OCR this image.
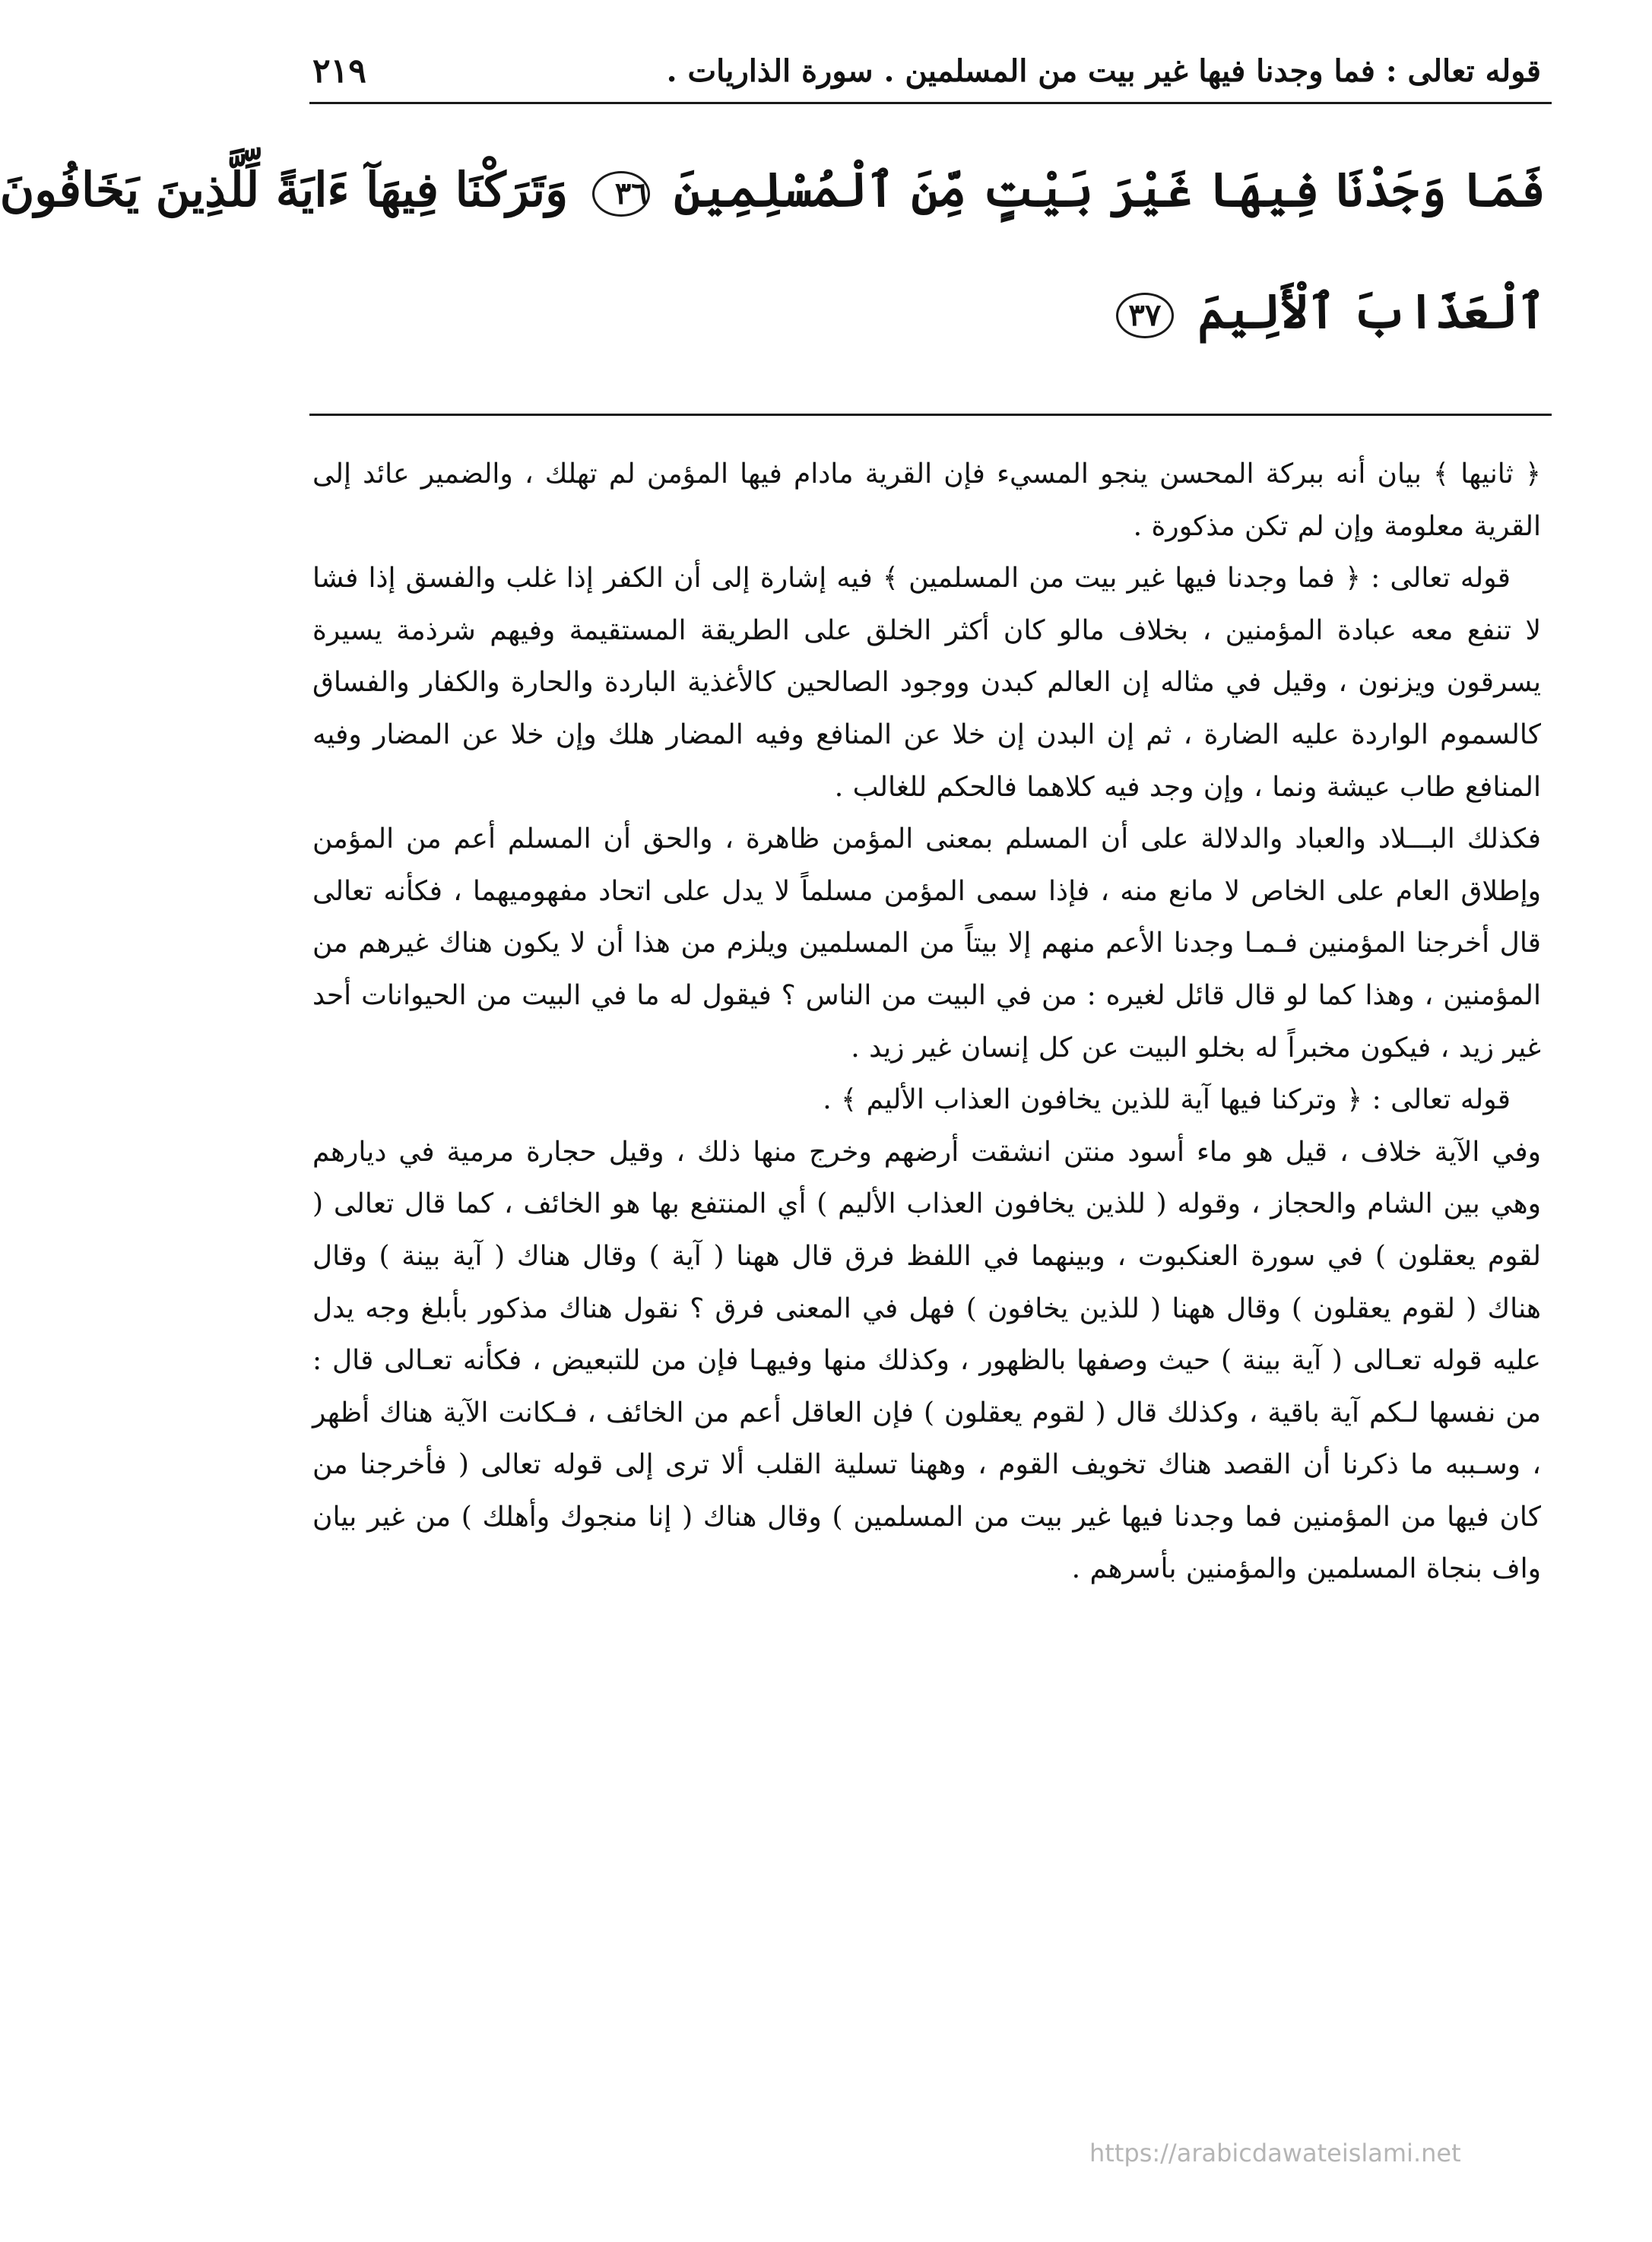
قوله تعالى : فما وجدنا فيها غير بيت من المسلمين . سورة الذاريات .
٢١٩
فَمَا وَجَدْنَا فِيهَا غَيْرَ بَيْتٍ مِّنَ ٱلْمُسْلِمِينَ ٣٦ وَتَرَكْنَا فِيهَآ ءَايَةً لِّلَّذِينَ يَخَافُونَ
ٱلْعَذَابَ ٱلْأَلِيمَ ٣٧

﴿ ثانيها ﴾ بيان أنه ببركة المحسن ينجو المسيء فإن القرية مادام فيها المؤمن لم تهلك ، والضمير عائد إلى القرية معلومة وإن لم تكن مذكورة .

قوله تعالى : ﴿ فما وجدنا فيها غير بيت من المسلمين ﴾ فيه إشارة إلى أن الكفر إذا غلب والفسق إذا فشا لا تنفع معه عبادة المؤمنين ، بخلاف مالو كان أكثر الخلق على الطريقة المستقيمة وفيهم شرذمة يسيرة يسرقون ويزنون ، وقيل في مثاله إن العالم كبدن ووجود الصالحين كالأغذية الباردة والحارة والكفار والفساق كالسموم الواردة عليه الضارة ، ثم إن البدن إن خلا عن المنافع وفيه المضار هلك وإن خلا عن المضار وفيه المنافع طاب عيشة ونما ، وإن وجد فيه كلاهما فالحكم للغالب .

فكذلك البـــلاد والعباد والدلالة على أن المسلم بمعنى المؤمن ظاهرة ، والحق أن المسلم أعم من المؤمن وإطلاق العام على الخاص لا مانع منه ، فإذا سمى المؤمن مسلماً لا يدل على اتحاد مفهوميهما ، فكأنه تعالى قال أخرجنا المؤمنين فـمـا وجدنا الأعم منهم إلا بيتاً من المسلمين ويلزم من هذا أن لا يكون هناك غيرهم من المؤمنين ، وهذا كما لو قال قائل لغيره : من في البيت من الناس ؟ فيقول له ما في البيت من الحيوانات أحد غير زيد ، فيكون مخبراً له بخلو البيت عن كل إنسان غير زيد .

قوله تعالى : ﴿ وتركنا فيها آية للذين يخافون العذاب الأليم ﴾ .

وفي الآية خلاف ، قيل هو ماء أسود منتن انشقت أرضهم وخرج منها ذلك ، وقيل حجارة مرمية في ديارهم وهي بين الشام والحجاز ، وقوله ( للذين يخافون العذاب الأليم ) أي المنتفع بها هو الخائف ، كما قال تعالى ( لقوم يعقلون ) في سورة العنكبوت ، وبينهما في اللفظ فرق قال ههنا ( آية ) وقال هناك ( آية بينة ) وقال هناك ( لقوم يعقلون ) وقال ههنا ( للذين يخافون ) فهل في المعنى فرق ؟ نقول هناك مذكور بأبلغ وجه يدل عليه قوله تعـالى ( آية بينة ) حيث وصفها بالظهور ، وكذلك منها وفيهـا فإن من للتبعيض ، فكأنه تعـالى قال : من نفسها لـكم آية باقية ، وكذلك قال ( لقوم يعقلون ) فإن العاقل أعم من الخائف ، فـكانت الآية هناك أظهر ، وسـببه ما ذكرنا أن القصد هناك تخويف القوم ، وههنا تسلية القلب ألا ترى إلى قوله تعالى ( فأخرجنا من كان فيها من المؤمنين فما وجدنا فيها غير بيت من المسلمين ) وقال هناك ( إنا منجوك وأهلك ) من غير بيان واف بنجاة المسلمين والمؤمنين بأسرهم .

https://arabicdawateislami.net
